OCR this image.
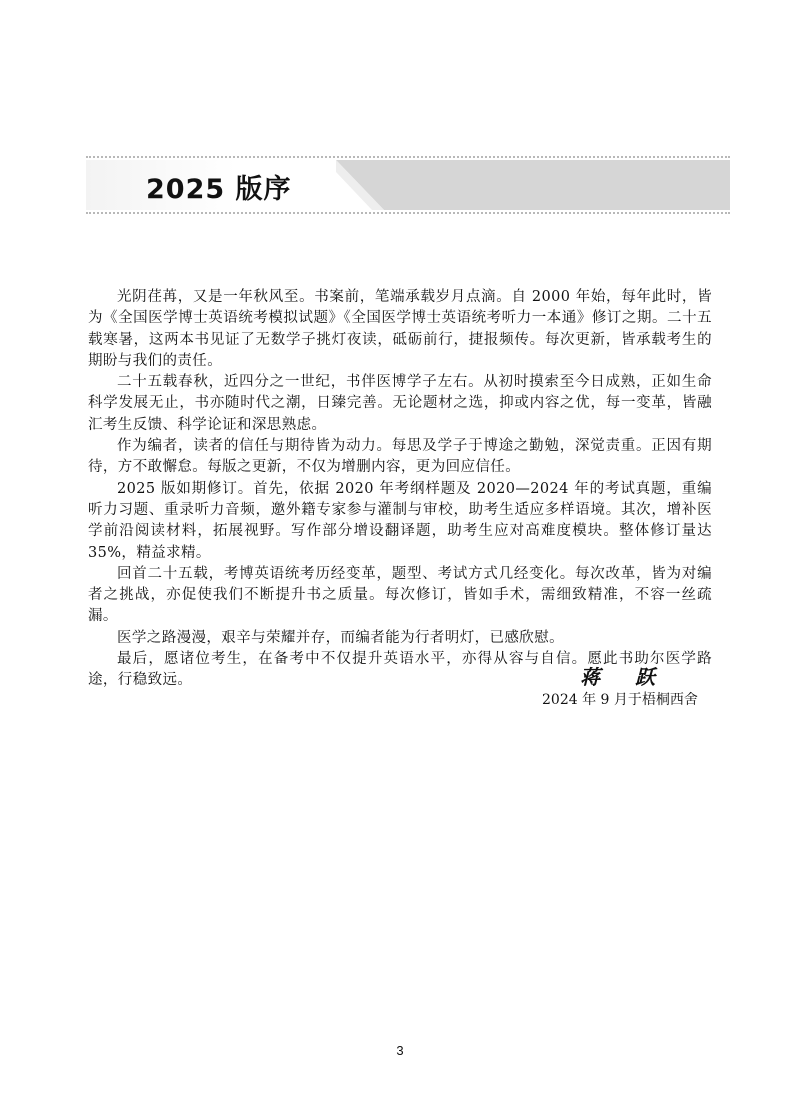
2025 版序

光阴荏苒，又是一年秋风至。书案前，笔端承载岁月点滴。自 2000 年始，每年此时，皆为《全国医学博士英语统考模拟试题》《全国医学博士英语统考听力一本通》修订之期。二十五载寒暑，这两本书见证了无数学子挑灯夜读，砥砺前行，捷报频传。每次更新，皆承载考生的期盼与我们的责任。

二十五载春秋，近四分之一世纪，书伴医博学子左右。从初时摸索至今日成熟，正如生命科学发展无止，书亦随时代之潮，日臻完善。无论题材之选，抑或内容之优，每一变革，皆融汇考生反馈、科学论证和深思熟虑。

作为编者，读者的信任与期待皆为动力。每思及学子于博途之勤勉，深觉责重。正因有期待，方不敢懈怠。每版之更新，不仅为增删内容，更为回应信任。

2025 版如期修订。首先，依据 2020 年考纲样题及 2020—2024 年的考试真题，重编听力习题、重录听力音频，邀外籍专家参与灌制与审校，助考生适应多样语境。其次，增补医学前沿阅读材料，拓展视野。写作部分增设翻译题，助考生应对高难度模块。整体修订量达 35%，精益求精。

回首二十五载，考博英语统考历经变革，题型、考试方式几经变化。每次改革，皆为对编者之挑战，亦促使我们不断提升书之质量。每次修订，皆如手术，需细致精准，不容一丝疏漏。

医学之路漫漫，艰辛与荣耀并存，而编者能为行者明灯，已感欣慰。

最后，愿诸位考生，在备考中不仅提升英语水平，亦得从容与自信。愿此书助尔医学路途，行稳致远。	蒋 跃
2024 年 9 月于梧桐西舍
3
